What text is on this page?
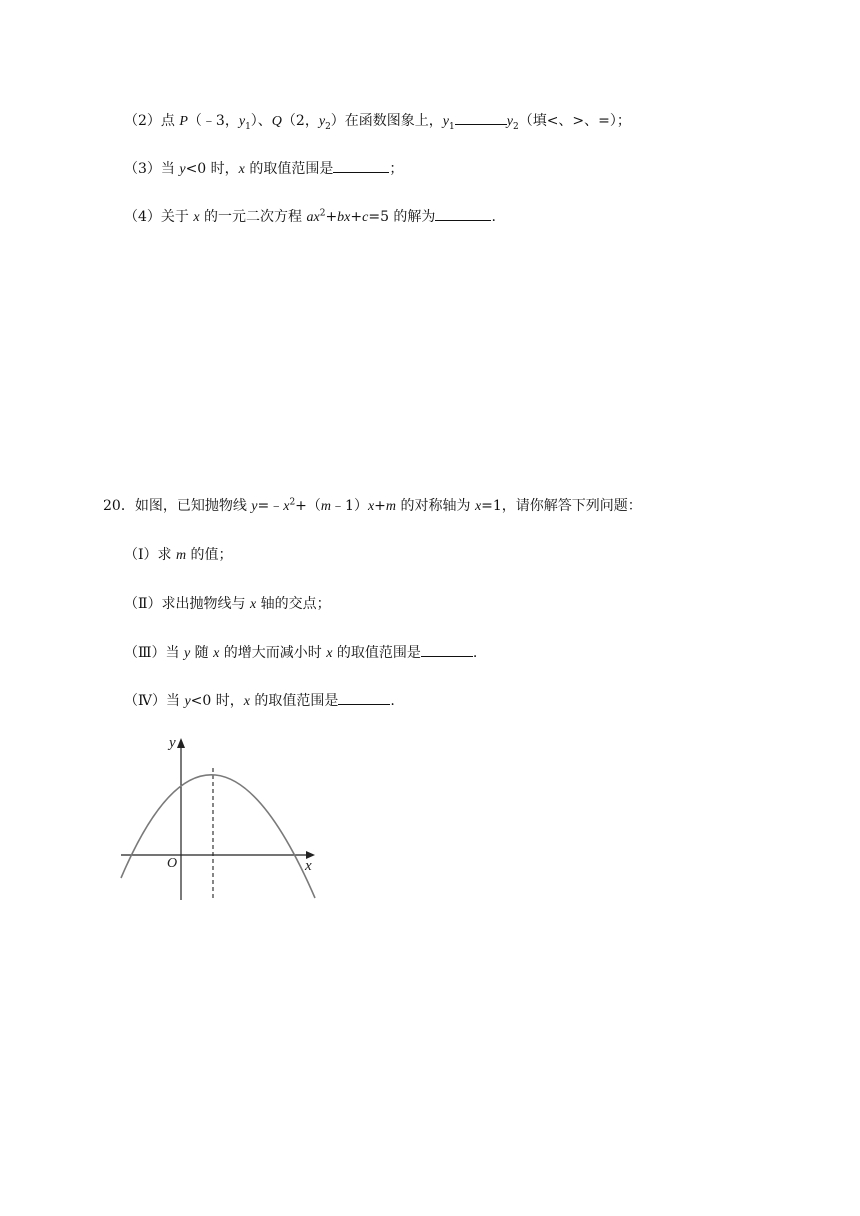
（2）点 P（﹣3，$y_1$）、Q（2，$y_2$）在函数图象上，$y_1$	$y_2$（填<、>、=）；
（3）当 y<0 时，x 的取值范围是	；
（4）关于 x 的一元二次方程 $ax^2+bx+c=5$ 的解为	.
20．如图，已知抛物线 $y=﹣x^2+(m﹣1)x+m$ 的对称轴为 x=1，请你解答下列问题：
（Ⅰ）求 m 的值；
（Ⅱ）求出抛物线与 x 轴的交点；
（Ⅲ）当 y 随 x 的增大而减小时 x 的取值范围是	.
（Ⅳ）当 y<0 时，x 的取值范围是	.
y
x
O
